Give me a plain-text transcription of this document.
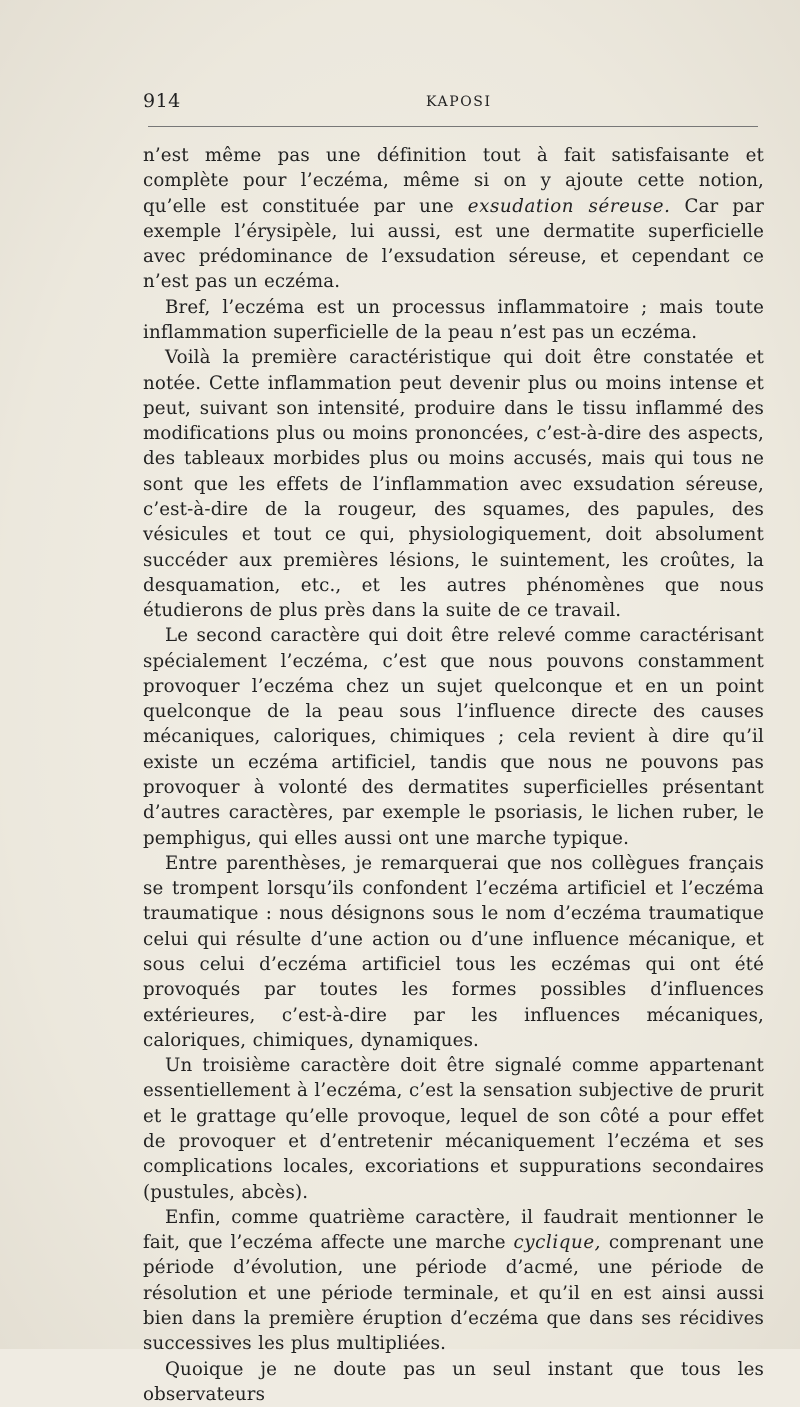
914	KAPOSI

n’est même pas une définition tout à fait satisfaisante et complète pour l’eczéma, même si on y ajoute cette notion, qu’elle est constituée par une exsudation séreuse. Car par exemple l’érysipèle, lui aussi, est une dermatite superficielle avec prédominance de l’exsudation séreuse, et cependant ce n’est pas un eczéma.

Bref, l’eczéma est un processus inflammatoire ; mais toute inflammation superficielle de la peau n’est pas un eczéma.

Voilà la première caractéristique qui doit être constatée et notée. Cette inflammation peut devenir plus ou moins intense et peut, suivant son intensité, produire dans le tissu inflammé des modifications plus ou moins prononcées, c’est-à-dire des aspects, des tableaux morbides plus ou moins accusés, mais qui tous ne sont que les effets de l’inflammation avec exsudation séreuse, c’est-à-dire de la rougeur, des squames, des papules, des vésicules et tout ce qui, physiologiquement, doit absolument succéder aux premières lésions, le suintement, les croûtes, la desquamation, etc., et les autres phénomènes que nous étudierons de plus près dans la suite de ce travail.

Le second caractère qui doit être relevé comme caractérisant spécialement l’eczéma, c’est que nous pouvons constamment provoquer l’eczéma chez un sujet quelconque et en un point quelconque de la peau sous l’influence directe des causes mécaniques, caloriques, chimiques ; cela revient à dire qu’il existe un eczéma artificiel, tandis que nous ne pouvons pas provoquer à volonté des dermatites superficielles présentant d’autres caractères, par exemple le psoriasis, le lichen ruber, le pemphigus, qui elles aussi ont une marche typique.

Entre parenthèses, je remarquerai que nos collègues français se trompent lorsqu’ils confondent l’eczéma artificiel et l’eczéma traumatique : nous désignons sous le nom d’eczéma traumatique celui qui résulte d’une action ou d’une influence mécanique, et sous celui d’eczéma artificiel tous les eczémas qui ont été provoqués par toutes les formes possibles d’influences extérieures, c’est-à-dire par les influences mécaniques, caloriques, chimiques, dynamiques.

Un troisième caractère doit être signalé comme appartenant essentiellement à l’eczéma, c’est la sensation subjective de prurit et le grattage qu’elle provoque, lequel de son côté a pour effet de provoquer et d’entretenir mécaniquement l’eczéma et ses complications locales, excoriations et suppurations secondaires (pustules, abcès).

Enfin, comme quatrième caractère, il faudrait mentionner le fait, que l’eczéma affecte une marche cyclique, comprenant une période d’évolution, une période d’acmé, une période de résolution et une période terminale, et qu’il en est ainsi aussi bien dans la première éruption d’eczéma que dans ses récidives successives les plus multipliées.

Quoique je ne doute pas un seul instant que tous les observateurs
